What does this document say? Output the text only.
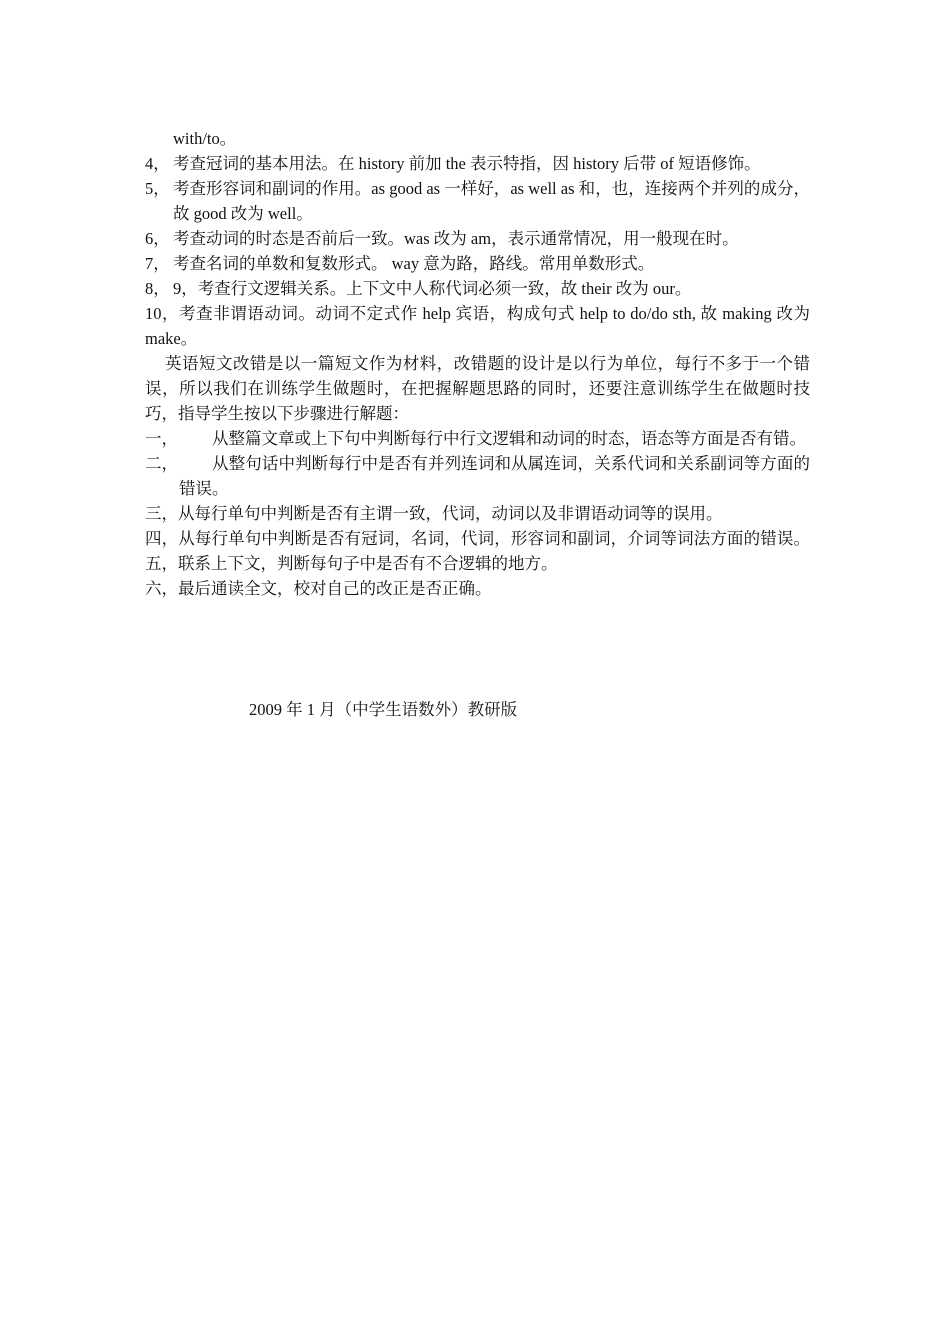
with/to。
4， 考查冠词的基本用法。在 history 前加 the 表示特指，因 history 后带 of 短语修饰。
5， 考查形容词和副词的作用。as good as 一样好，as well as 和，也，连接两个并列的成分，故 good 改为 well。
6， 考查动词的时态是否前后一致。was 改为 am，表示通常情况，用一般现在时。
7， 考查名词的单数和复数形式。 way 意为路，路线。常用单数形式。
8， 9，考查行文逻辑关系。上下文中人称代词必须一致，故 their 改为 our。
10，考查非谓语动词。动词不定式作 help 宾语，构成句式 help to do/do sth, 故 making 改为 make。
英语短文改错是以一篇短文作为材料，改错题的设计是以行为单位，每行不多于一个错误，所以我们在训练学生做题时，在把握解题思路的同时，还要注意训练学生在做题时技巧，指导学生按以下步骤进行解题：
一，	从整篇文章或上下句中判断每行中行文逻辑和动词的时态，语态等方面是否有错。
二，	从整句话中判断每行中是否有并列连词和从属连词，关系代词和关系副词等方面的错误。
三，从每行单句中判断是否有主谓一致，代词，动词以及非谓语动词等的误用。
四，从每行单句中判断是否有冠词，名词，代词，形容词和副词，介词等词法方面的错误。五，联系上下文，判断每句子中是否有不合逻辑的地方。
六，最后通读全文，校对自己的改正是否正确。
2009 年 1 月（中学生语数外）教研版
